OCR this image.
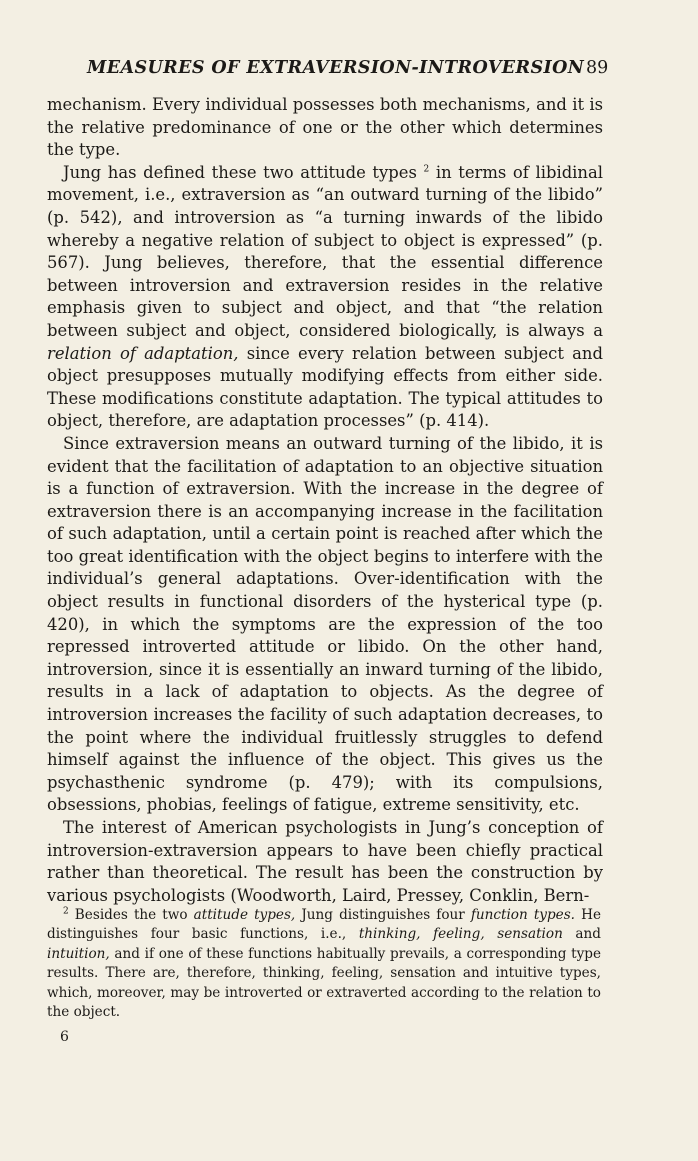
MEASURES OF EXTRAVERSION-INTROVERSION 89

mechanism. Every individual possesses both mechanisms, and it is the relative predominance of one or the other which determines the type.

Jung has defined these two attitude types $^2$ in terms of libidinal movement, i.e., extraversion as “an outward turning of the libido” (p. 542), and introversion as “a turning inwards of the libido whereby a negative relation of subject to object is expressed” (p. 567). Jung believes, therefore, that the essential difference between introversion and extraversion resides in the relative emphasis given to subject and object, and that “the relation between subject and object, considered biologically, is always a relation of adaptation, since every relation between subject and object presupposes mutually modifying effects from either side. These modifications constitute adaptation. The typical attitudes to object, therefore, are adaptation processes” (p. 414).

Since extraversion means an outward turning of the libido, it is evident that the facilitation of adaptation to an objective situation is a function of extraversion. With the increase in the degree of extraversion there is an accompanying increase in the facilitation of such adaptation, until a certain point is reached after which the too great identification with the object begins to interfere with the individual’s general adaptations. Over-identification with the object results in functional disorders of the hysterical type (p. 420), in which the symptoms are the expression of the too repressed introverted attitude or libido. On the other hand, introversion, since it is essentially an inward turning of the libido, results in a lack of adaptation to objects. As the degree of introversion increases the facility of such adaptation decreases, to the point where the individual fruitlessly struggles to defend himself against the influence of the object. This gives us the psychasthenic syndrome (p. 479); with its compulsions, obsessions, phobias, feelings of fatigue, extreme sensitivity, etc.

The interest of American psychologists in Jung’s conception of introversion-extraversion appears to have been chiefly practical rather than theoretical. The result has been the construction by various psychologists (Woodworth, Laird, Pressey, Conklin, Bern-

$^2$ Besides the two attitude types, Jung distinguishes four function types. He distinguishes four basic functions, i.e., thinking, feeling, sensation and intuition, and if one of these functions habitually prevails, a corresponding type results. There are, therefore, thinking, feeling, sensation and intuitive types, which, moreover, may be introverted or extraverted according to the relation to the object.

6
